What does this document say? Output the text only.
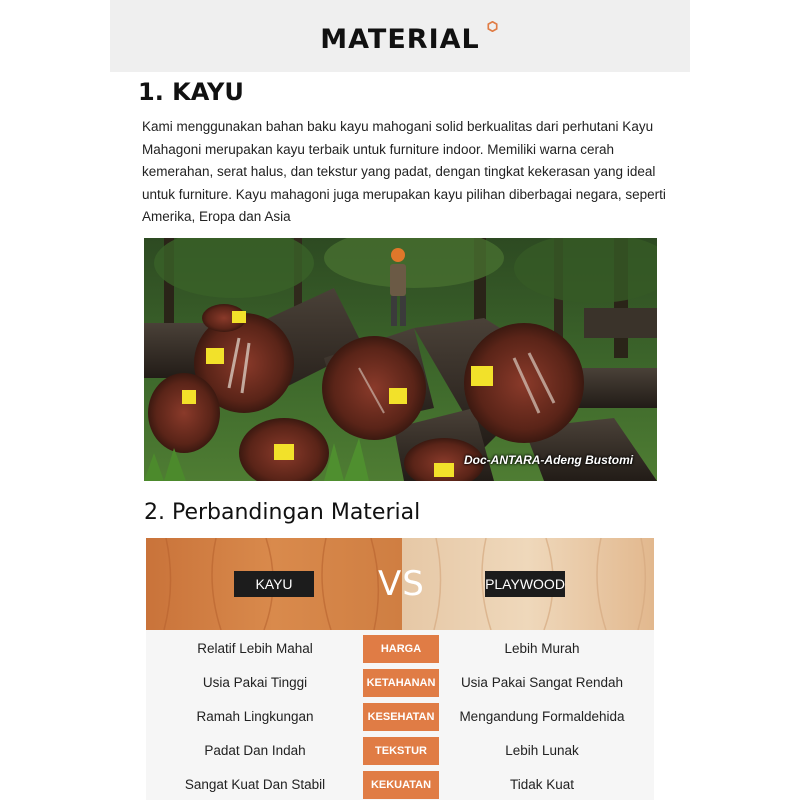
MATERIAL
1. KAYU
Kami menggunakan bahan baku kayu mahogani solid berkualitas dari perhutani Kayu Mahagoni merupakan kayu terbaik untuk furniture indoor. Memiliki warna cerah kemerahan, serat halus, dan tekstur yang padat, dengan tingkat kekerasan yang ideal untuk furniture. Kayu mahagoni juga merupakan kayu pilihan diberbagai negara, seperti Amerika, Eropa dan Asia
Doc-ANTARA-Adeng Bustomi
2. Perbandingan Material
KAYU	VS	PLAYWOOD
Relatif Lebih Mahal	HARGA	Lebih Murah
Usia Pakai Tinggi	KETAHANAN	Usia Pakai Sangat Rendah
Ramah Lingkungan	KESEHATAN	Mengandung Formaldehida
Padat Dan Indah	TEKSTUR	Lebih Lunak
Sangat Kuat Dan Stabil	KEKUATAN	Tidak Kuat
